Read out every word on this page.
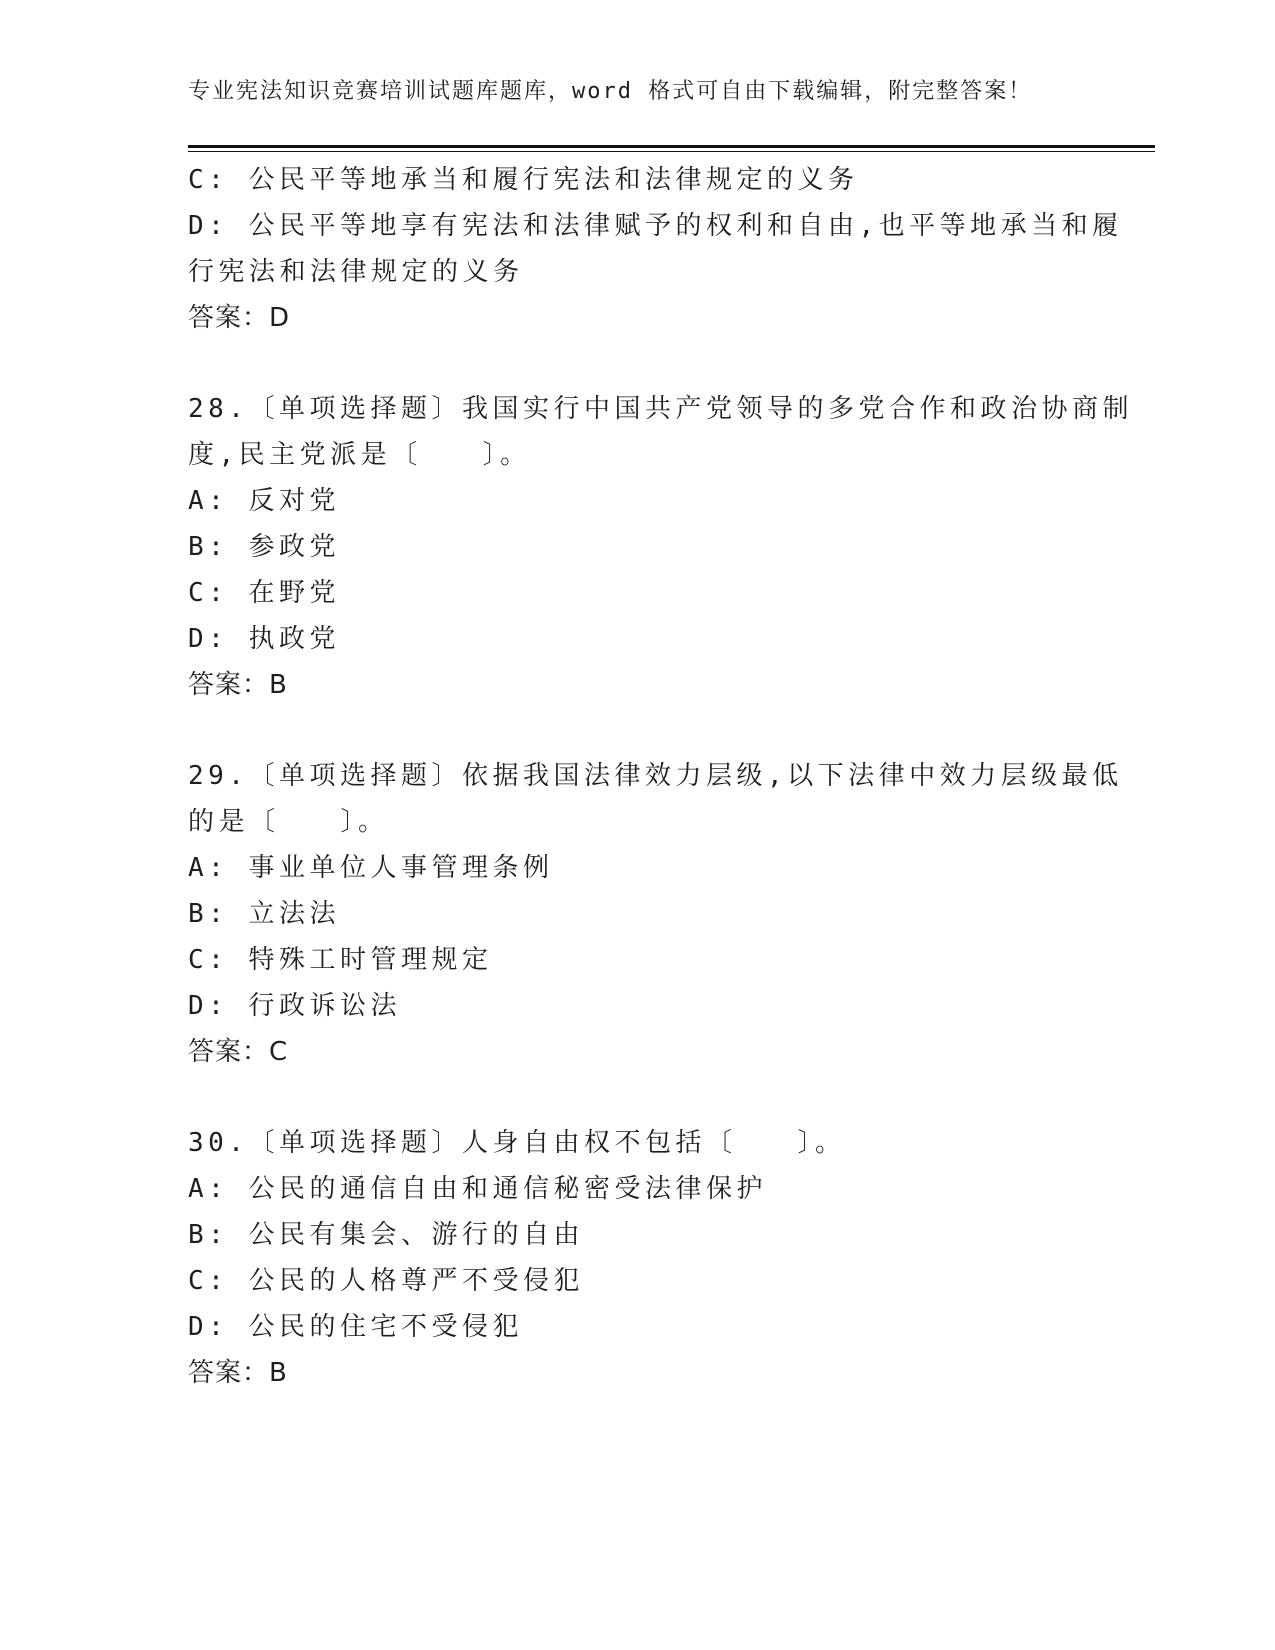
专业宪法知识竞赛培训试题库题库，word 格式可自由下载编辑，附完整答案！
C: 公民平等地承当和履行宪法和法律规定的义务
D: 公民平等地享有宪法和法律赋予的权利和自由,也平等地承当和履
行宪法和法律规定的义务
答案：D
28.〔单项选择题〕我国实行中国共产党领导的多党合作和政治协商制
度,民主党派是〔　　〕。
A: 反对党
B: 参政党
C: 在野党
D: 执政党
答案：B
29.〔单项选择题〕依据我国法律效力层级,以下法律中效力层级最低
的是〔　　〕。
A: 事业单位人事管理条例
B: 立法法
C: 特殊工时管理规定
D: 行政诉讼法
答案：C
30.〔单项选择题〕人身自由权不包括〔　　〕。
A: 公民的通信自由和通信秘密受法律保护
B: 公民有集会、游行的自由
C: 公民的人格尊严不受侵犯
D: 公民的住宅不受侵犯
答案：B
